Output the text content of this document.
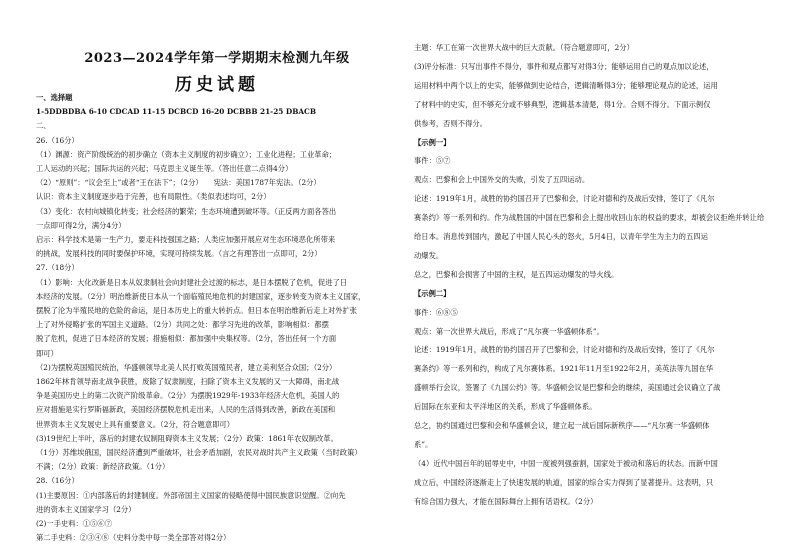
2023—2024学年第一学期期末检测九年级
历史试题
一、选择题
1-5DDBDBA 6-10 CDCAD 11-15 DCBCD 16-20 DCBBB 21-25 DBACB
二、
26.（16分）
（1）渊源：资产阶级统治的初步确立（资本主义制度的初步确立）；工业化进程；工业革命；
工人运动的兴起；国际共运的兴起；马克思主义诞生等。（答出任意二点得4分）
（2）“原则”：“议会至上”或者“王在法下”；（2分）　　宪法：美国1787年宪法。（2分）
认识：资本主义制度逐步趋于完善，也有局限性。（类似表述均可，2分）
（3）变化：农村向城镇化转变；社会经济的繁荣；生态环境遭到破坏等。（正反两方面各答出
一点即可得2分，满分4分）
启示：科学技术是第一生产力，要走科技强国之路；人类应加强开展应对生态环境恶化所带来
的挑战，发展科技的同时要保护环境，实现可持续发展。（言之有理答出一点即可，2分）
27.（18分）
（1）影响：大化改新是日本从奴隶制社会向封建社会过渡的标志，是日本摆脱了危机，促进了日
本经济的发展。（2分）明治维新使日本从一个面临殖民地危机的封建国家，逐步转变为资本主义国家，
摆脱了沦为半殖民地的危险的命运，是日本历史上的重大转折点。但日本在明治维新后走上对外扩张
上了对外侵略扩张的军国主义道路。（2分）共同之处：都学习先进的改革，影响相似：都摆
脱了危机，促进了日本经济的发展；措施相似：都加强中央集权等。（2分，答出任何一个方面
即可）
（2)为摆脱英国殖民统治，华盛顿领导北美人民打败英国殖民者，建立美利坚合众国；（2分）
1862年林肯领导南北战争获胜，废除了奴隶制度，扫除了资本主义发展的又一大障碍，南北战
争是美国历史上的第二次资产阶级革命。（2分）为摆脱1929年-1933年经济大危机，美国人的
应对措施是实行罗斯福新政，美国经济摆脱危机走出来，人民的生活得到改善，新政在美国和
世界资本主义发展史上具有重要意义。（2分，符合题意即可）
(3)19世纪上半叶，落后的封建农奴制阻碍资本主义发展；（2分）政策：1861年农奴制改革。
（1分）苏维埃俄国，国民经济遭到严重破坏，社会矛盾加剧，农民对战时共产主义政策（当时政策）
不满；（2分）政策：新经济政策。（1分）
28.（16分）
(1)主要原因：①内部落后的封建制度。外部帝国主义国家的侵略使得中国民族意识觉醒。②向先
进的资本主义国家学习（2分）
(2)一手史料：①⑤⑥⑦
第二手史料：②③④⑧（史料分类中每一类全部答对得2分）
主题：华工在第一次世界大战中的巨大贡献。（符合题意即可，2分）
(3)评分标准：只写出事件不得分，事件和观点都写对得3分；能够运用自己的观点加以论述，
运用材料中两个以上的史实，能够做到史论结合，逻辑清晰得3分；能够理论观点的论述，运用
了材料中的史实，但不够充分或不够典型，逻辑基本清楚，得1分。合则不得分。下面示例仅
供参考，否则不得分。
【示例一】
事件：⑤⑦
观点：巴黎和会上中国外交的失败，引发了五四运动。
论述：1919年1月，战胜的协约国召开了巴黎和会，讨论对德和约及战后安排，签订了《凡尔
赛条约》等一系列和约。作为战胜国的中国在巴黎和会上提出收回山东的权益的要求，却被会议拒绝并转让给
给日本。消息传到国内，激起了中国人民心头的怒火，5月4日，以青年学生为主力的五四运
动爆发。
总之，巴黎和会损害了中国的主权，是五四运动爆发的导火线。
【示例二】
事件：⑥⑧⑤
观点：第一次世界大战后，形成了“凡尔赛一华盛顿体系”。
论述：1919年1月，战胜的协约国召开了巴黎和会，讨论对德和约及战后安排，签订了《凡尔
赛条约》等一系列和约，构成了凡尔赛体系。1921年11月至1922年2月，美英法等九国在华
盛顿举行会议，签署了《九国公约》等。华盛顿会议是巴黎和会的继续，美国通过会议确立了战
后国际在东亚和太平洋地区的关系，形成了华盛顿体系。
总之，协约国通过巴黎和会和华盛顿会议，建立起一战后国际新秩序——“凡尔赛一华盛顿体
系”。
（4）近代中国百年的屈辱史中，中国一度被列强蚕割，国家处于被动和落后的状态。而新中国
成立后，中国经济逐渐走上了快速发展的轨道，国家的综合实力得到了显著提升。这表明，只
有综合国力强大，才能在国际舞台上拥有话语权。（2分）
